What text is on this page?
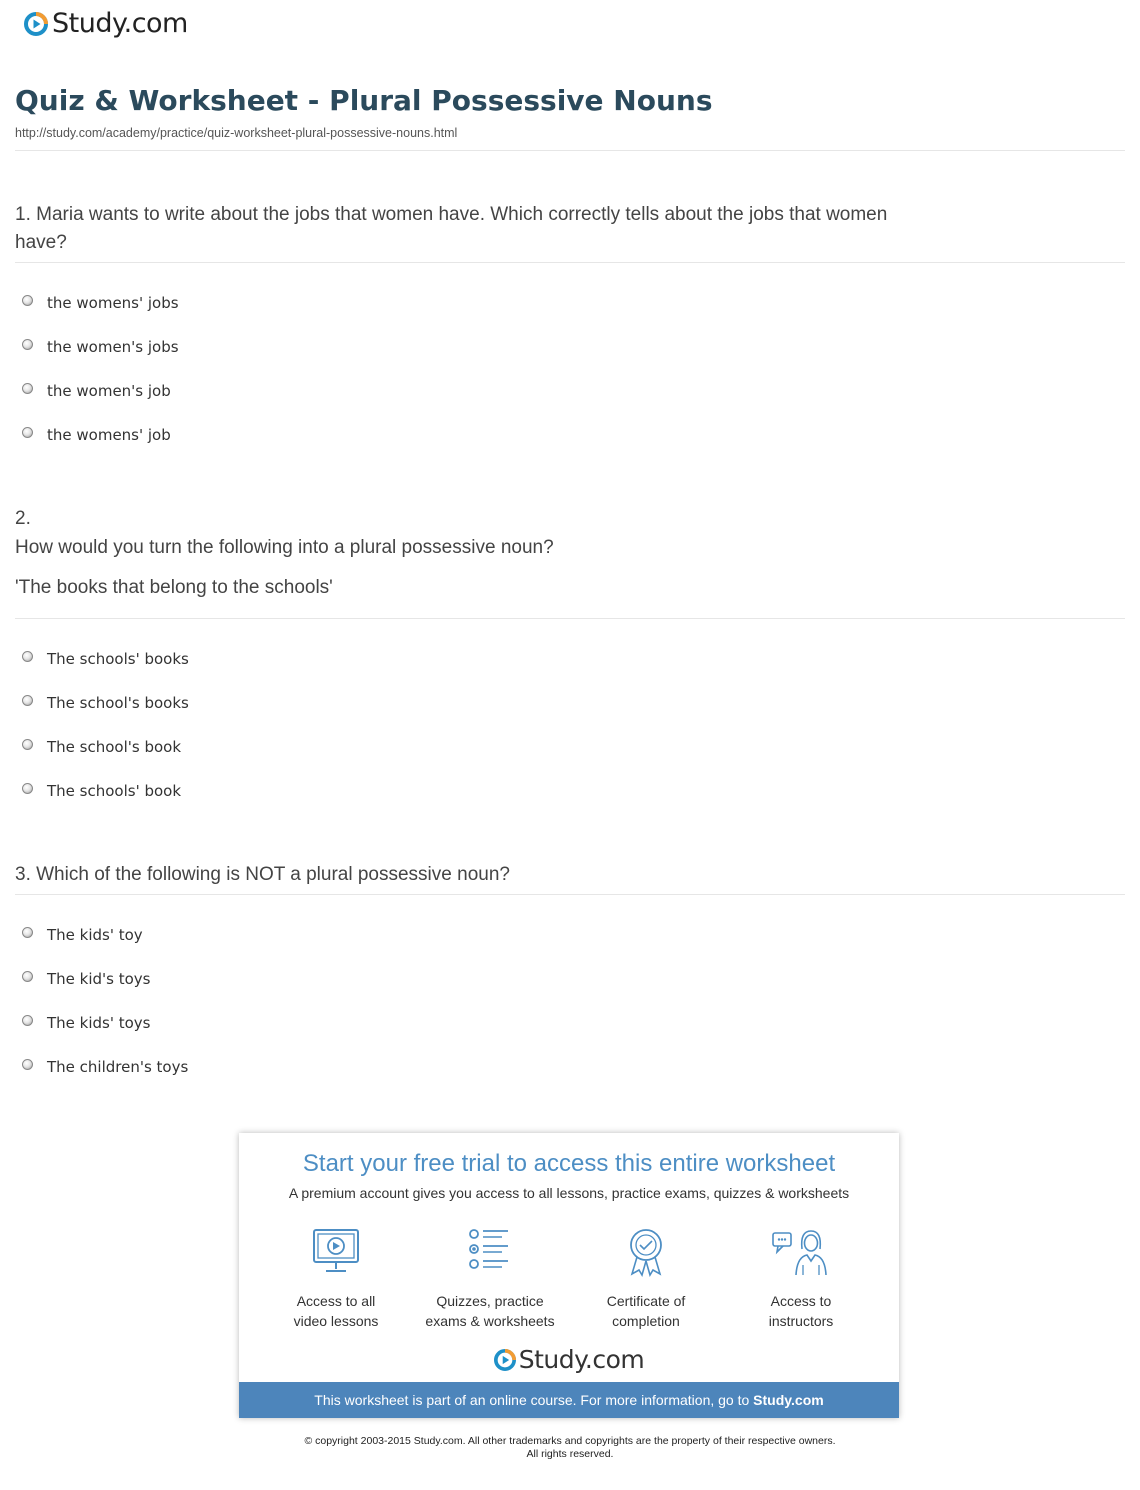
Study.com
Quiz & Worksheet - Plural Possessive Nouns
http://study.com/academy/practice/quiz-worksheet-plural-possessive-nouns.html
1. Maria wants to write about the jobs that women have. Which correctly tells about the jobs that women have?
the womens' jobs
the women's jobs
the women's job
the womens' job
2.
How would you turn the following into a plural possessive noun?
'The books that belong to the schools'
The schools' books
The school's books
The school's book
The schools' book
3. Which of the following is NOT a plural possessive noun?
The kids' toy
The kid's toys
The kids' toys
The children's toys
Start your free trial to access this entire worksheet
A premium account gives you access to all lessons, practice exams, quizzes & worksheets
Access to all
video lessons
Quizzes, practice
exams & worksheets
Certificate of
completion
Access to
instructors
Study.com
This worksheet is part of an online course. For more information, go to Study.com
© copyright 2003-2015 Study.com. All other trademarks and copyrights are the property of their respective owners.
All rights reserved.
